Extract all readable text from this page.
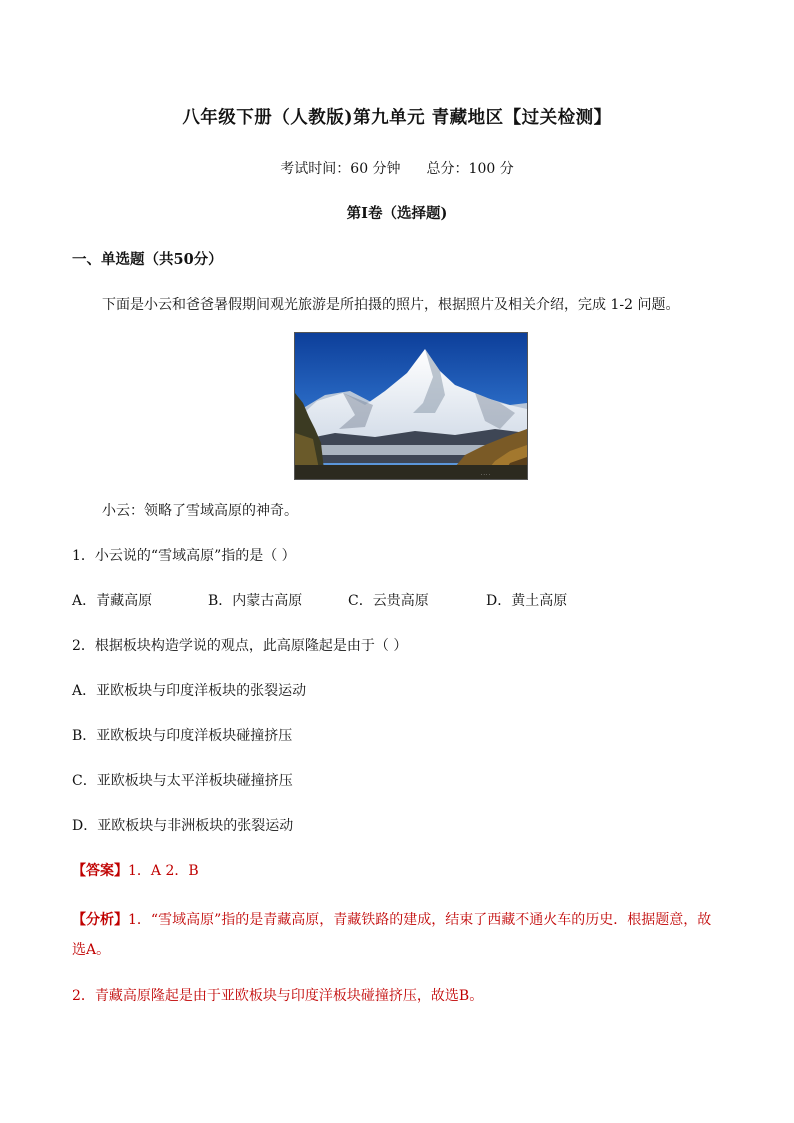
八年级下册（人教版)第九单元 青藏地区【过关检测】
考试时间：60 分钟 总分：100 分
第Ⅰ卷（选择题)
一、单选题（共50分）
下面是小云和爸爸暑假期间观光旅游是所拍摄的照片，根据照片及相关介绍，完成 1-2 问题。
· · · ·
小云：领略了雪域高原的神奇。
1．小云说的“雪域高原”指的是（ ）
A．青藏高原	B．内蒙古高原	C．云贵高原	D．黄土高原
2．根据板块构造学说的观点，此高原隆起是由于（ ）
A．亚欧板块与印度洋板块的张裂运动
B．亚欧板块与印度洋板块碰撞挤压
C．亚欧板块与太平洋板块碰撞挤压
D．亚欧板块与非洲板块的张裂运动
【答案】1．A 2．B
【分析】1．“雪域高原”指的是青藏高原，青藏铁路的建成，结束了西藏不通火车的历史．根据题意，故选A。
2．青藏高原隆起是由于亚欧板块与印度洋板块碰撞挤压，故选B。
